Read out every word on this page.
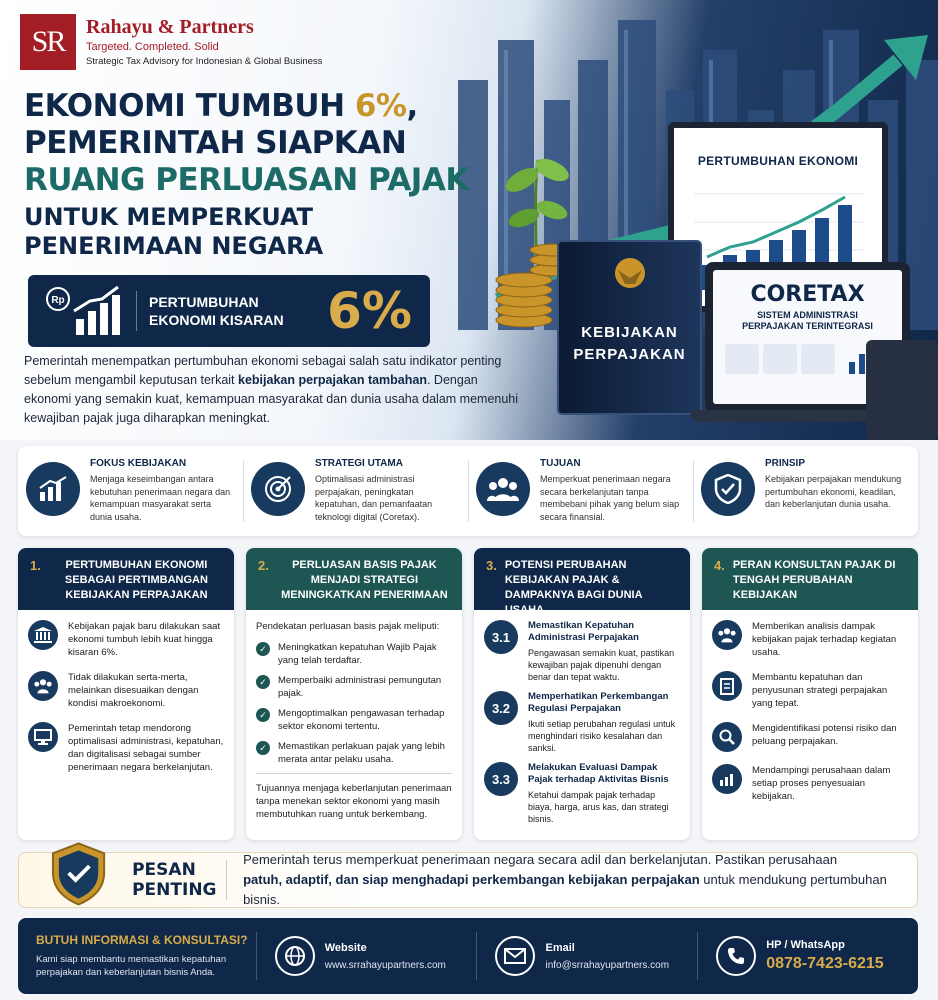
SR	Rahayu & Partners
Targeted. Completed. Solid
Strategic Tax Advisory for Indonesian & Global Business
EKONOMI TUMBUH 6%,
PEMERINTAH SIAPKAN
RUANG PERLUASAN PAJAK
UNTUK MEMPERKUAT
PENERIMAAN NEGARA
Rp	PERTUMBUHAN EKONOMI KISARAN 6%
PERTUMBUHAN EKONOMI
KEBIJAKAN
PERPAJAKAN
CORETAX
SISTEM ADMINISTRASI
PERPAJAKAN TERINTEGRASI
Pemerintah menempatkan pertumbuhan ekonomi sebagai salah satu indikator penting sebelum mengambil keputusan terkait kebijakan perpajakan tambahan. Dengan ekonomi yang semakin kuat, kemampuan masyarakat dan dunia usaha dalam memenuhi kewajiban pajak juga diharapkan meningkat.
FOKUS KEBIJAKAN
Menjaga keseimbangan antara kebutuhan penerimaan negara dan kemampuan masyarakat serta dunia usaha.
STRATEGI UTAMA
Optimalisasi administrasi perpajakan, peningkatan kepatuhan, dan pemanfaatan teknologi digital (Coretax).
TUJUAN
Memperkuat penerimaan negara secara berkelanjutan tanpa membebani pihak yang belum siap secara finansial.
PRINSIP
Kebijakan perpajakan mendukung pertumbuhan ekonomi, keadilan, dan keberlanjutan dunia usaha.
1.	PERTUMBUHAN EKONOMI SEBAGAI PERTIMBANGAN KEBIJAKAN PERPAJAKAN
Kebijakan pajak baru dilakukan saat ekonomi tumbuh lebih kuat hingga kisaran 6%.
Tidak dilakukan serta-merta, melainkan disesuaikan dengan kondisi makroekonomi.
Pemerintah tetap mendorong optimalisasi administrasi, kepatuhan, dan digitalisasi sebagai sumber penerimaan negara berkelanjutan.
2.	PERLUASAN BASIS PAJAK MENJADI STRATEGI MENINGKATKAN PENERIMAAN
Pendekatan perluasan basis pajak meliputi:
✓	Meningkatkan kepatuhan Wajib Pajak yang telah terdaftar.
✓	Memperbaiki administrasi pemungutan pajak.
✓	Mengoptimalkan pengawasan terhadap sektor ekonomi tertentu.
✓	Memastikan perlakuan pajak yang lebih merata antar pelaku usaha.
Tujuannya menjaga keberlanjutan penerimaan tanpa menekan sektor ekonomi yang masih membutuhkan ruang untuk berkembang.
3. POTENSI PERUBAHAN KEBIJAKAN PAJAK & DAMPAKNYA BAGI DUNIA USAHA
3.1
Memastikan Kepatuhan Administrasi Perpajakan
Pengawasan semakin kuat, pastikan kewajiban pajak dipenuhi dengan benar dan tepat waktu.
3.2
Memperhatikan Perkembangan Regulasi Perpajakan
Ikuti setiap perubahan regulasi untuk menghindari risiko kesalahan dan sanksi.
3.3
Melakukan Evaluasi Dampak Pajak terhadap Aktivitas Bisnis
Ketahui dampak pajak terhadap biaya, harga, arus kas, dan strategi bisnis.
4. PERAN KONSULTAN PAJAK DI TENGAH PERUBAHAN KEBIJAKAN
Memberikan analisis dampak kebijakan pajak terhadap kegiatan usaha.
Membantu kepatuhan dan penyusunan strategi perpajakan yang tepat.
Mengidentifikasi potensi risiko dan peluang perpajakan.
Mendampingi perusahaan dalam setiap proses penyesuaian kebijakan.
PESAN PENTING
Pemerintah terus memperkuat penerimaan negara secara adil dan berkelanjutan. Pastikan perusahaan
patuh, adaptif, dan siap menghadapi perkembangan kebijakan perpajakan untuk mendukung pertumbuhan bisnis.
BUTUH INFORMASI & KONSULTASI?
Kami siap membantu memastikan kepatuhan perpajakan dan keberlanjutan bisnis Anda.
Website
www.srrahayupartners.com
Email
info@srrahayupartners.com
HP / WhatsApp
0878-7423-6215
